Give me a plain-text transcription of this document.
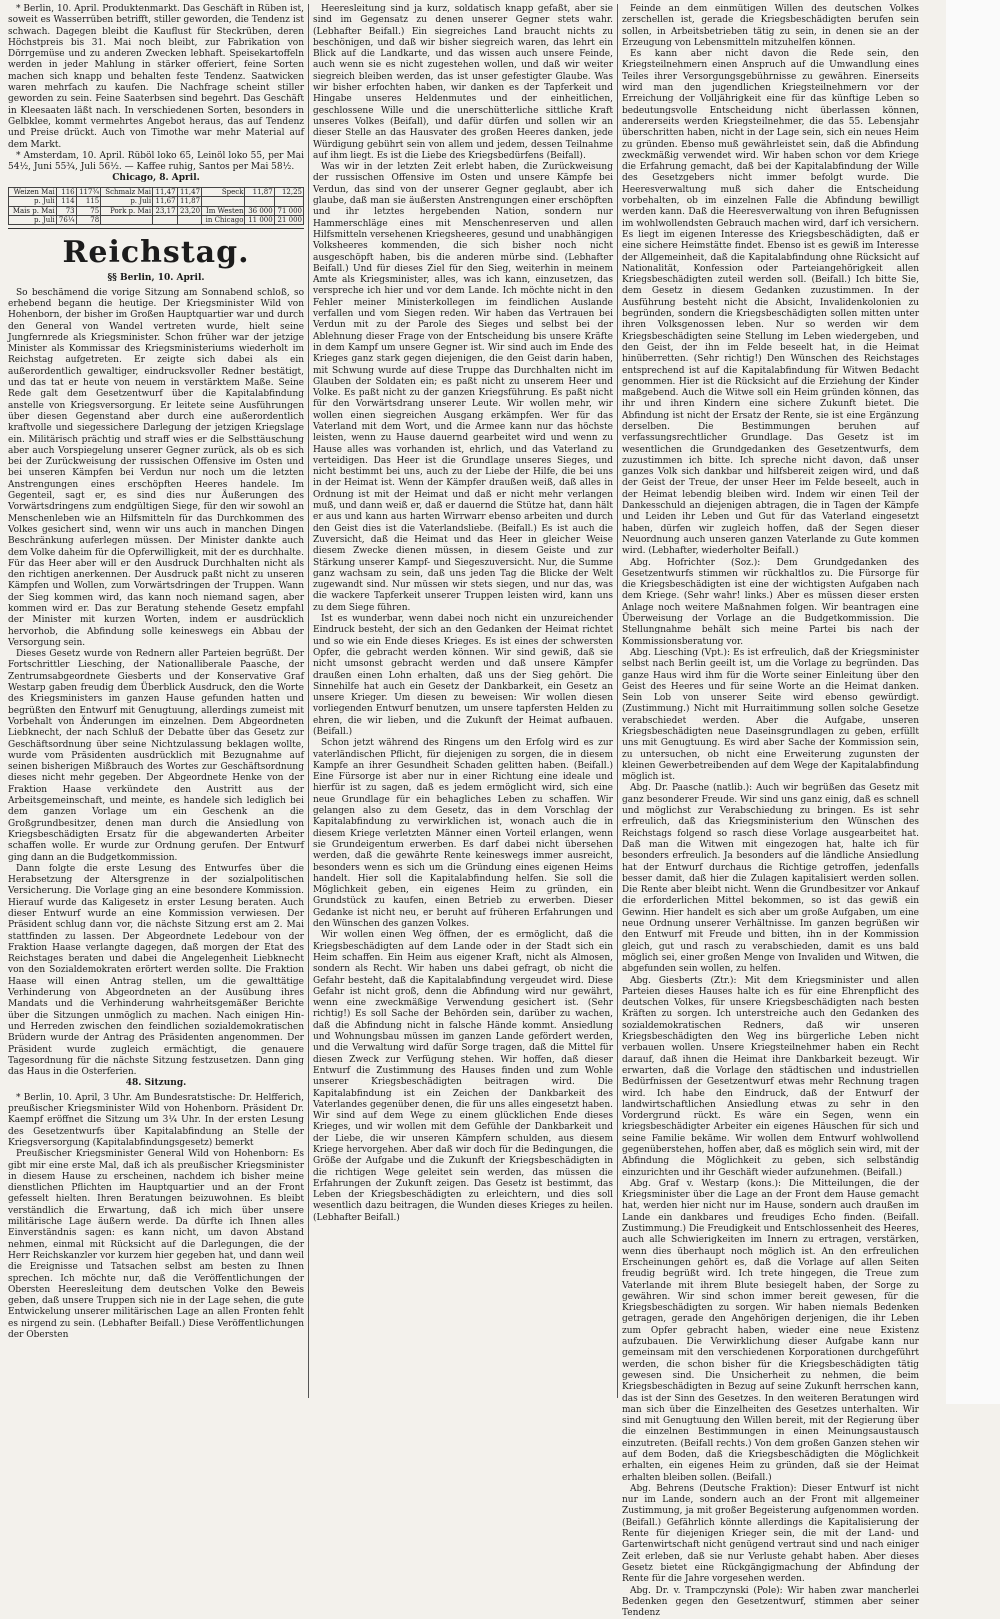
* Berlin, 10. April. Produktenmarkt. Das Geschäft in Rüben ist, soweit es Wasserrüben betrifft, stiller geworden, die Tendenz ist schwach. Dagegen bleibt die Kauflust für Steckrüben, deren Höchstpreis bis 31. Mai noch bleibt, zur Fabrikation von Dörrgemüse und zu anderen Zwecken lebhaft. Speisekartoffeln werden in jeder Mahlung in stärker offeriert, feine Sorten machen sich knapp und behalten feste Tendenz. Saatwicken waren mehrfach zu kaufen. Die Nachfrage scheint stiller geworden zu sein. Feine Saaterbsen sind begehrt. Das Geschäft in Kleesaaten läßt nach. In verschiedenen Sorten, besonders in Gelbklee, kommt vermehrtes Angebot heraus, das auf Tendenz und Preise drückt. Auch von Timothe war mehr Material auf dem Markt.

* Amsterdam, 10. April. Rüböl loko 65, Leinöl loko 55, per Mai 54½, Juni 55¾, Juli 56½. — Kaffee ruhig, Santos per Mai 58½.

Chicago, 8. April.
Weizen Mai	116	117¾	Schmalz Mai	11,47	11,47	Speck	11,87	12,25
p. Juli	114	115	p. Juli	11,67	11,87			
Mais p. Mai	73	75	Pork p. Mai	23,17	23,20	Im Westen	36 000	71 000
p. Juli	76¼	78				in Chicago	11 000	21 000
Reichstag.
§§ Berlin, 10. April.

So beschämend die vorige Sitzung am Sonnabend schloß, so erhebend begann die heutige. Der Kriegsminister Wild von Hohenborn, der bisher im Großen Hauptquartier war und durch den General von Wandel vertreten wurde, hielt seine Jungfernrede als Kriegsminister. Schon früher war der jetzige Minister als Kommissar des Kriegsministeriums wiederholt im Reichstag aufgetreten. Er zeigte sich dabei als ein außerordentlich gewaltiger, eindrucksvoller Redner bestätigt, und das tat er heute von neuem in verstärktem Maße. Seine Rede galt dem Gesetzentwurf über die Kapitalabfindung anstelle von Kriegsversorgung. Er leitete seine Ausführungen über diesen Gegenstand aber durch eine außerordentlich kraftvolle und siegessichere Darlegung der jetzigen Kriegslage ein. Militärisch prächtig und straff wies er die Selbsttäuschung aber auch Vorspiegelung unserer Gegner zurück, als ob es sich bei der Zurückweisung der russischen Offensive im Osten und bei unseren Kämpfen bei Verdun nur noch um die letzten Anstrengungen eines erschöpften Heeres handele. Im Gegenteil, sagt er, es sind dies nur Äußerungen des Vorwärtsdringens zum endgültigen Siege, für den wir sowohl an Menschenleben wie an Hilfsmitteln für das Durchkommen des Volkes gesichert sind, wenn wir uns auch in manchen Dingen Beschränkung auferlegen müssen. Der Minister dankte auch dem Volke daheim für die Opferwilligkeit, mit der es durchhalte. Für das Heer aber will er den Ausdruck Durchhalten nicht als den richtigen anerkennen. Der Ausdruck paßt nicht zu unseren Kämpfen und Wollen, zum Vorwärtsdringen der Truppen. Wann der Sieg kommen wird, das kann noch niemand sagen, aber kommen wird er. Das zur Beratung stehende Gesetz empfahl der Minister mit kurzen Worten, indem er ausdrücklich hervorhob, die Abfindung solle keineswegs ein Abbau der Versorgung sein.

Dieses Gesetz wurde von Rednern aller Parteien begrüßt. Der Fortschrittler Liesching, der Nationalliberale Paasche, der Zentrumsabgeordnete Giesberts und der Konservative Graf Westarp gaben freudig dem Überblick Ausdruck, den die Worte des Kriegsministers im ganzen Hause gefunden hatten und begrüßten den Entwurf mit Genugtuung, allerdings zumeist mit Vorbehalt von Änderungen im einzelnen. Dem Abgeordneten Liebknecht, der nach Schluß der Debatte über das Gesetz zur Geschäftsordnung über seine Nichtzulassung beklagen wollte, wurde vom Präsidenten ausdrücklich mit Bezugnahme auf seinen bisherigen Mißbrauch des Wortes zur Geschäftsordnung dieses nicht mehr gegeben. Der Abgeordnete Henke von der Fraktion Haase verkündete den Austritt aus der Arbeitsgemeinschaft, und meinte, es handele sich lediglich bei dem ganzen Vorlage um ein Geschenk an die Großgrundbesitzer, denen man durch die Ansiedlung von Kriegsbeschädigten Ersatz für die abgewanderten Arbeiter schaffen wolle. Er wurde zur Ordnung gerufen. Der Entwurf ging dann an die Budgetkommission.

Dann folgte die erste Lesung des Entwurfes über die Herabsetzung der Altersgrenze in der sozialpolitischen Versicherung. Die Vorlage ging an eine besondere Kommission. Hierauf wurde das Kaligesetz in erster Lesung beraten. Auch dieser Entwurf wurde an eine Kommission verwiesen. Der Präsident schlug dann vor, die nächste Sitzung erst am 2. Mai stattfinden zu lassen. Der Abgeordnete Ledebour von der Fraktion Haase verlangte dagegen, daß morgen der Etat des Reichstages beraten und dabei die Angelegenheit Liebknecht von den Sozialdemokraten erörtert werden sollte. Die Fraktion Haase will einen Antrag stellen, um die gewalttätige Verhinderung von Abgeordneten an der Ausübung ihres Mandats und die Verhinderung wahrheitsgemäßer Berichte über die Sitzungen unmöglich zu machen. Nach einigen Hin- und Herreden zwischen den feindlichen sozialdemokratischen Brüdern wurde der Antrag des Präsidenten angenommen. Der Präsident wurde zugleich ermächtigt, die genauere Tagesordnung für die nächste Sitzung festzusetzen. Dann ging das Haus in die Osterferien.

48. Sitzung.

* Berlin, 10. April, 3 Uhr. Am Bundesratstische: Dr. Helfferich, preußischer Kriegsminister Wild von Hohenborn. Präsident Dr. Kaempf eröffnet die Sitzung um 3¼ Uhr. In der ersten Lesung des Gesetzentwurfs über Kapitalabfindung an Stelle der Kriegsversorgung (Kapitalabfindungsgesetz) bemerkt

Preußischer Kriegsminister General Wild von Hohenborn: Es gibt mir eine erste Mal, daß ich als preußischer Kriegsminister in diesem Hause zu erscheinen, nachdem ich bisher meine dienstlichen Pflichten im Hauptquartier und an der Front gefesselt hielten. Ihren Beratungen beizuwohnen. Es bleibt verständlich die Erwartung, daß ich mich über unsere militärische Lage äußern werde. Da dürfte ich Ihnen alles Einverständnis sagen: es kann nicht, um davon Abstand nehmen, einmal mit Rücksicht auf die Darlegungen, die der Herr Reichskanzler vor kurzem hier gegeben hat, und dann weil die Ereignisse und Tatsachen selbst am besten zu Ihnen sprechen. Ich möchte nur, daß die Veröffentlichungen der Obersten Heeresleitung dem deutschen Volke den Beweis geben, daß unsere Truppen sich nie in der Lage sehen, die gute Entwickelung unserer militärischen Lage an allen Fronten fehlt es nirgend zu sein. (Lebhafter Beifall.) Diese Veröffentlichungen der Obersten

Heeresleitung sind ja kurz, soldatisch knapp gefaßt, aber sie sind im Gegensatz zu denen unserer Gegner stets wahr. (Lebhafter Beifall.) Ein siegreiches Land braucht nichts zu beschönigen, und daß wir bisher siegreich waren, das lehrt ein Blick auf die Landkarte, und das wissen auch unsere Feinde, auch wenn sie es nicht zugestehen wollen, und daß wir weiter siegreich bleiben werden, das ist unser gefestigter Glaube. Was wir bisher erfochten haben, wir danken es der Tapferkeit und Hingabe unseres Heldenmutes und der einheitlichen, geschlossene Wille und die unerschütterliche sittliche Kraft unseres Volkes (Beifall), und dafür dürfen und sollen wir an dieser Stelle an das Hausvater des großen Heeres danken, jede Würdigung gebührt sein von allem und jedem, dessen Teilnahme auf ihm liegt. Es ist die Liebe des Kriegsbedürfens (Beifall).

Was wir in der letzten Zeit erlebt haben, die Zurückweisung der russischen Offensive im Osten und unsere Kämpfe bei Verdun, das sind von der unserer Gegner geglaubt, aber ich glaube, daß man sie äußersten Anstrengungen einer erschöpften und ihr letztes hergebenden Nation, sondern nur Hammerschläge eines mit Menschenreserven und allen Hilfsmitteln versehenen Kriegsheeres, gesund und unabhängigen Volksheeres kommenden, die sich bisher noch nicht ausgeschöpft haben, bis die anderen mürbe sind. (Lebhafter Beifall.) Und für dieses Ziel für den Sieg, weiterhin in meinem Amte als Kriegsminister, alles, was ich kann, einzusetzen, das verspreche ich hier und vor dem Lande. Ich möchte nicht in den Fehler meiner Ministerkollegen im feindlichen Auslande verfallen und vom Siegen reden. Wir haben das Vertrauen bei Verdun mit zu der Parole des Sieges und selbst bei der Ablehnung dieser Frage von der Entscheidung bis unsere Kräfte in dem Kampf um unsere Gegner ist. Wir sind auch im Ende des Krieges ganz stark gegen diejenigen, die den Geist darin haben, mit Schwung wurde auf diese Truppe das Durchhalten nicht im Glauben der Soldaten ein; es paßt nicht zu unserem Heer und Volke. Es paßt nicht zu der ganzen Kriegsführung. Es paßt nicht für den Vorwärtsdrang unserer Leute. Wir wollen mehr, wir wollen einen siegreichen Ausgang erkämpfen. Wer für das Vaterland mit dem Wort, und die Armee kann nur das höchste leisten, wenn zu Hause dauernd gearbeitet wird und wenn zu Hause alles was vorhanden ist, ehrlich, und das Vaterland zu verteidigen. Das Heer ist die Grundlage unseres Sieges, und nicht bestimmt bei uns, auch zu der Liebe der Hilfe, die bei uns in der Heimat ist. Wenn der Kämpfer draußen weiß, daß alles in Ordnung ist mit der Heimat und daß er nicht mehr verlangen muß, und dann weiß er, daß er dauernd die Stütze hat, dann hält er aus und kann aus harten Wirrwarr ebenso arbeiten und durch den Geist dies ist die Vaterlandsliebe. (Beifall.) Es ist auch die Zuversicht, daß die Heimat und das Heer in gleicher Weise diesem Zwecke dienen müssen, in diesem Geiste und zur Stärkung unserer Kampf- und Siegeszuversicht. Nur, die Summe ganz wachsam zu sein, daß uns jeden Tag die Blicke der Welt zugewandt sind. Nur müssen wir stets siegen, und nur das, was die wackere Tapferkeit unserer Truppen leisten wird, kann uns zu dem Siege führen.

Ist es wunderbar, wenn dabei noch nicht ein unzureichender Eindruck besteht, der sich an den Gedanken der Heimat richtet und so wie ein Ende dieses Krieges. Es ist eines der schwersten Opfer, die gebracht werden können. Wir sind gewiß, daß sie nicht umsonst gebracht werden und daß unsere Kämpfer draußen einen Lohn erhalten, daß uns der Sieg gehört. Die Sinnehilfe hat auch ein Gesetz der Dankbarkeit, ein Gesetz an unsere Krieger. Um diesen zu beweisen: Wir wollen diesen vorliegenden Entwurf benutzen, um unsere tapfersten Helden zu ehren, die wir lieben, und die Zukunft der Heimat aufbauen. (Beifall.)

Schon jetzt während des Ringens um den Erfolg wird es zur vaterländischen Pflicht, für diejenigen zu sorgen, die in diesem Kampfe an ihrer Gesundheit Schaden gelitten haben. (Beifall.) Eine Fürsorge ist aber nur in einer Richtung eine ideale und hierfür ist zu sagen, daß es jedem ermöglicht wird, sich eine neue Grundlage für ein behagliches Leben zu schaffen. Wir gelangen also zu dem Gesetz, das in dem Vorschlag der Kapitalabfindung zu verwirklichen ist, wonach auch die in diesem Kriege verletzten Männer einen Vorteil erlangen, wenn sie Grundeigentum erwerben. Es darf dabei nicht übersehen werden, daß die gewährte Rente keineswegs immer ausreicht, besonders wenn es sich um die Gründung eines eigenen Heims handelt. Hier soll die Kapitalabfindung helfen. Sie soll die Möglichkeit geben, ein eigenes Heim zu gründen, ein Grundstück zu kaufen, einen Betrieb zu erwerben. Dieser Gedanke ist nicht neu, er beruht auf früheren Erfahrungen und den Wünschen des ganzen Volkes.

Wir wollen einen Weg öffnen, der es ermöglicht, daß die Kriegsbeschädigten auf dem Lande oder in der Stadt sich ein Heim schaffen. Ein Heim aus eigener Kraft, nicht als Almosen, sondern als Recht. Wir haben uns dabei gefragt, ob nicht die Gefahr besteht, daß die Kapitalabfindung vergeudet wird. Diese Gefahr ist nicht groß, denn die Abfindung wird nur gewährt, wenn eine zweckmäßige Verwendung gesichert ist. (Sehr richtig!) Es soll Sache der Behörden sein, darüber zu wachen, daß die Abfindung nicht in falsche Hände kommt. Ansiedlung und Wohnungsbau müssen im ganzen Lande gefördert werden, und die Verwaltung wird dafür Sorge tragen, daß die Mittel für diesen Zweck zur Verfügung stehen. Wir hoffen, daß dieser Entwurf die Zustimmung des Hauses finden und zum Wohle unserer Kriegsbeschädigten beitragen wird. Die Kapitalabfindung ist ein Zeichen der Dankbarkeit des Vaterlandes gegenüber denen, die für uns alles eingesetzt haben. Wir sind auf dem Wege zu einem glücklichen Ende dieses Krieges, und wir wollen mit dem Gefühle der Dankbarkeit und der Liebe, die wir unseren Kämpfern schulden, aus diesem Kriege hervorgehen. Aber daß wir doch für die Bedingungen, die Größe der Aufgabe und die Zukunft der Kriegsbeschädigten in die richtigen Wege geleitet sein werden, das müssen die Erfahrungen der Zukunft zeigen. Das Gesetz ist bestimmt, das Leben der Kriegsbeschädigten zu erleichtern, und dies soll wesentlich dazu beitragen, die Wunden dieses Krieges zu heilen. (Lebhafter Beifall.)

Feinde an dem einmütigen Willen des deutschen Volkes zerschellen ist, gerade die Kriegsbeschädigten berufen sein sollen, in Arbeitsbetrieben tätig zu sein, in denen sie an der Erzeugung von Lebensmitteln mitzuhelfen können.

Es kann aber nicht davon die Rede sein, den Kriegsteilnehmern einen Anspruch auf die Umwandlung eines Teiles ihrer Versorgungsgebührnisse zu gewähren. Einerseits wird man den jugendlichen Kriegsteilnehmern vor der Erreichung der Volljährigkeit eine für das künftige Leben so bedeutungsvolle Entscheidung nicht überlassen können, andererseits werden Kriegsteilnehmer, die das 55. Lebensjahr überschritten haben, nicht in der Lage sein, sich ein neues Heim zu gründen. Ebenso muß gewährleistet sein, daß die Abfindung zweckmäßig verwendet wird. Wir haben schon vor dem Kriege die Erfahrung gemacht, daß bei der Kapitalabfindung der Wille des Gesetzgebers nicht immer befolgt wurde. Die Heeresverwaltung muß sich daher die Entscheidung vorbehalten, ob im einzelnen Falle die Abfindung bewilligt werden kann. Daß die Heeresverwaltung von ihren Befugnissen im wohlwollendsten Gebrauch machen wird, darf ich versichern. Es liegt im eigenen Interesse des Kriegsbeschädigten, daß er eine sichere Heimstätte findet. Ebenso ist es gewiß im Interesse der Allgemeinheit, daß die Kapitalabfindung ohne Rücksicht auf Nationalität, Konfession oder Parteiangehörigkeit allen Kriegsbeschädigten zuteil werden soll. (Beifall.) Ich bitte Sie, dem Gesetz in diesem Gedanken zuzustimmen. In der Ausführung besteht nicht die Absicht, Invalidenkolonien zu begründen, sondern die Kriegsbeschädigten sollen mitten unter ihren Volksgenossen leben. Nur so werden wir dem Kriegsbeschädigten seine Stellung im Leben wiedergeben, und den Geist, der ihn im Felde beseelt hat, in die Heimat hinüberretten. (Sehr richtig!) Den Wünschen des Reichstages entsprechend ist auf die Kapitalabfindung für Witwen Bedacht genommen. Hier ist die Rücksicht auf die Erziehung der Kinder maßgebend. Auch die Witwe soll ein Heim gründen können, das ihr und ihren Kindern eine sichere Zukunft bietet. Die Abfindung ist nicht der Ersatz der Rente, sie ist eine Ergänzung derselben. Die Bestimmungen beruhen auf verfassungsrechtlicher Grundlage. Das Gesetz ist im wesentlichen die Grundgedanken des Gesetzentwurfs, dem zuzustimmen ich bitte. Ich spreche nicht davon, daß unser ganzes Volk sich dankbar und hilfsbereit zeigen wird, und daß der Geist der Treue, der unser Heer im Felde beseelt, auch in der Heimat lebendig bleiben wird. Indem wir einen Teil der Dankesschuld an diejenigen abtragen, die in Tagen der Kämpfe und Leiden ihr Leben und Gut für das Vaterland eingesetzt haben, dürfen wir zugleich hoffen, daß der Segen dieser Neuordnung auch unseren ganzen Vaterlande zu Gute kommen wird. (Lebhafter, wiederholter Beifall.)

Abg. Hofrichter (Soz.): Dem Grundgedanken des Gesetzentwurfs stimmen wir rückhaltlos zu. Die Fürsorge für die Kriegsbeschädigten ist eine der wichtigsten Aufgaben nach dem Kriege. (Sehr wahr! links.) Aber es müssen dieser ersten Anlage noch weitere Maßnahmen folgen. Wir beantragen eine Überweisung der Vorlage an die Budgetkommission. Die Stellungnahme behält sich meine Partei bis nach der Kommissionsberatung vor.

Abg. Liesching (Vpt.): Es ist erfreulich, daß der Kriegsminister selbst nach Berlin geeilt ist, um die Vorlage zu begründen. Das ganze Haus wird ihm für die Worte seiner Einleitung über den Geist des Heeres und für seine Worte an die Heimat danken. Sein Lob von unserer Seite wird ebenso gewürdigt. (Zustimmung.) Nicht mit Hurraitimmung sollen solche Gesetze verabschiedet werden. Aber die Aufgabe, unseren Kriegsbeschädigten neue Daseinsgrundlagen zu geben, erfüllt uns mit Genugtuung. Es wird aber Sache der Kommission sein, zu untersuchen, ob nicht eine Erweiterung zugunsten der kleinen Gewerbetreibenden auf dem Wege der Kapitalabfindung möglich ist.

Abg. Dr. Paasche (natlib.): Auch wir begrüßen das Gesetz mit ganz besonderer Freude. Wir sind uns ganz einig, daß es schnell und möglichst zur Verabschiedung zu bringen. Es ist sehr erfreulich, daß das Kriegsministerium den Wünschen des Reichstags folgend so rasch diese Vorlage ausgearbeitet hat. Daß man die Witwen mit eingezogen hat, halte ich für besonders erfreulich. Ja besonders auf die ländliche Ansiedlung hat der Entwurf durchaus die Richtige getroffen, jedenfalls besser damit, daß hier die Zulagen kapitalisiert werden sollen. Die Rente aber bleibt nicht. Wenn die Grundbesitzer vor Ankauf die erforderlichen Mittel bekommen, so ist das gewiß ein Gewinn. Hier handelt es sich aber um große Aufgaben, um eine neue Ordnung unserer Verhältnisse. Im ganzen begrüßen wir den Entwurf mit Freude und bitten, ihn in der Kommission gleich, gut und rasch zu verabschieden, damit es uns bald möglich sei, einer großen Menge von Invaliden und Witwen, die abgefunden sein wollen, zu helfen.

Abg. Giesberts (Ztr.): Mit dem Kriegsminister und allen Parteien dieses Hauses halte ich es für eine Ehrenpflicht des deutschen Volkes, für unsere Kriegsbeschädigten nach besten Kräften zu sorgen. Ich unterstreiche auch den Gedanken des sozialdemokratischen Redners, daß wir unseren Kriegsbeschädigten den Weg ins bürgerliche Leben nicht verbauen wollen. Unsere Kriegsteilnehmer haben ein Recht darauf, daß ihnen die Heimat ihre Dankbarkeit bezeugt. Wir erwarten, daß die Vorlage den städtischen und industriellen Bedürfnissen der Gesetzentwurf etwas mehr Rechnung tragen wird. Ich habe den Eindruck, daß der Entwurf der landwirtschaftlichen Ansiedlung etwas zu sehr in den Vordergrund rückt. Es wäre ein Segen, wenn ein kriegsbeschädigter Arbeiter ein eigenes Häuschen für sich und seine Familie bekäme. Wir wollen dem Entwurf wohlwollend gegenüberstehen, hoffen aber, daß es möglich sein wird, mit der Abfindung die Möglichkeit zu geben, sich selbständig einzurichten und ihr Geschäft wieder aufzunehmen. (Beifall.)

Abg. Graf v. Westarp (kons.): Die Mitteilungen, die der Kriegsminister über die Lage an der Front dem Hause gemacht hat, werden hier nicht nur im Hause, sondern auch draußen im Lande ein dankbares und freudiges Echo finden. (Beifall. Zustimmung.) Die Freudigkeit und Entschlossenheit des Heeres, auch alle Schwierigkeiten im Innern zu ertragen, verstärken, wenn dies überhaupt noch möglich ist. An den erfreulichen Erscheinungen gehört es, daß die Vorlage auf allen Seiten freudig begrüßt wird. Ich trete hingegen, die Treue zum Vaterlande mit ihrem Blute besiegelt haben, der Sorge zu gewähren. Wir sind schon immer bereit gewesen, für die Kriegsbeschädigten zu sorgen. Wir haben niemals Bedenken getragen, gerade den Angehörigen derjenigen, die ihr Leben zum Opfer gebracht haben, wieder eine neue Existenz aufzubauen. Die Verwirklichung dieser Aufgabe kann nur gemeinsam mit den verschiedenen Korporationen durchgeführt werden, die schon bisher für die Kriegsbeschädigten tätig gewesen sind. Die Unsicherheit zu nehmen, die beim Kriegsbeschädigten in Bezug auf seine Zukunft herrschen kann, das ist der Sinn des Gesetzes. In den weiteren Beratungen wird man sich über die Einzelheiten des Gesetzes unterhalten. Wir sind mit Genugtuung den Willen bereit, mit der Regierung über die einzelnen Bestimmungen in einen Meinungsaustausch einzutreten. (Beifall rechts.) Von dem großen Ganzen stehen wir auf dem Boden, daß die Kriegsbeschädigten die Möglichkeit erhalten, ein eigenes Heim zu gründen, daß sie der Heimat erhalten bleiben sollen. (Beifall.)

Abg. Behrens (Deutsche Fraktion): Dieser Entwurf ist nicht nur im Lande, sondern auch an der Front mit allgemeiner Zustimmung, ja mit großer Begeisterung aufgenommen worden. (Beifall.) Gefährlich könnte allerdings die Kapitalisierung der Rente für diejenigen Krieger sein, die mit der Land- und Gartenwirtschaft nicht genügend vertraut sind und nach einiger Zeit erleben, daß sie nur Verluste gehabt haben. Aber dieses Gesetz bietet eine Rückgängigmachung der Abfindung der Rente für die Jahre vorgesehen werden.

Abg. Dr. v. Trampczynski (Pole): Wir haben zwar mancherlei Bedenken gegen den Gesetzentwurf, stimmen aber seiner Tendenz
